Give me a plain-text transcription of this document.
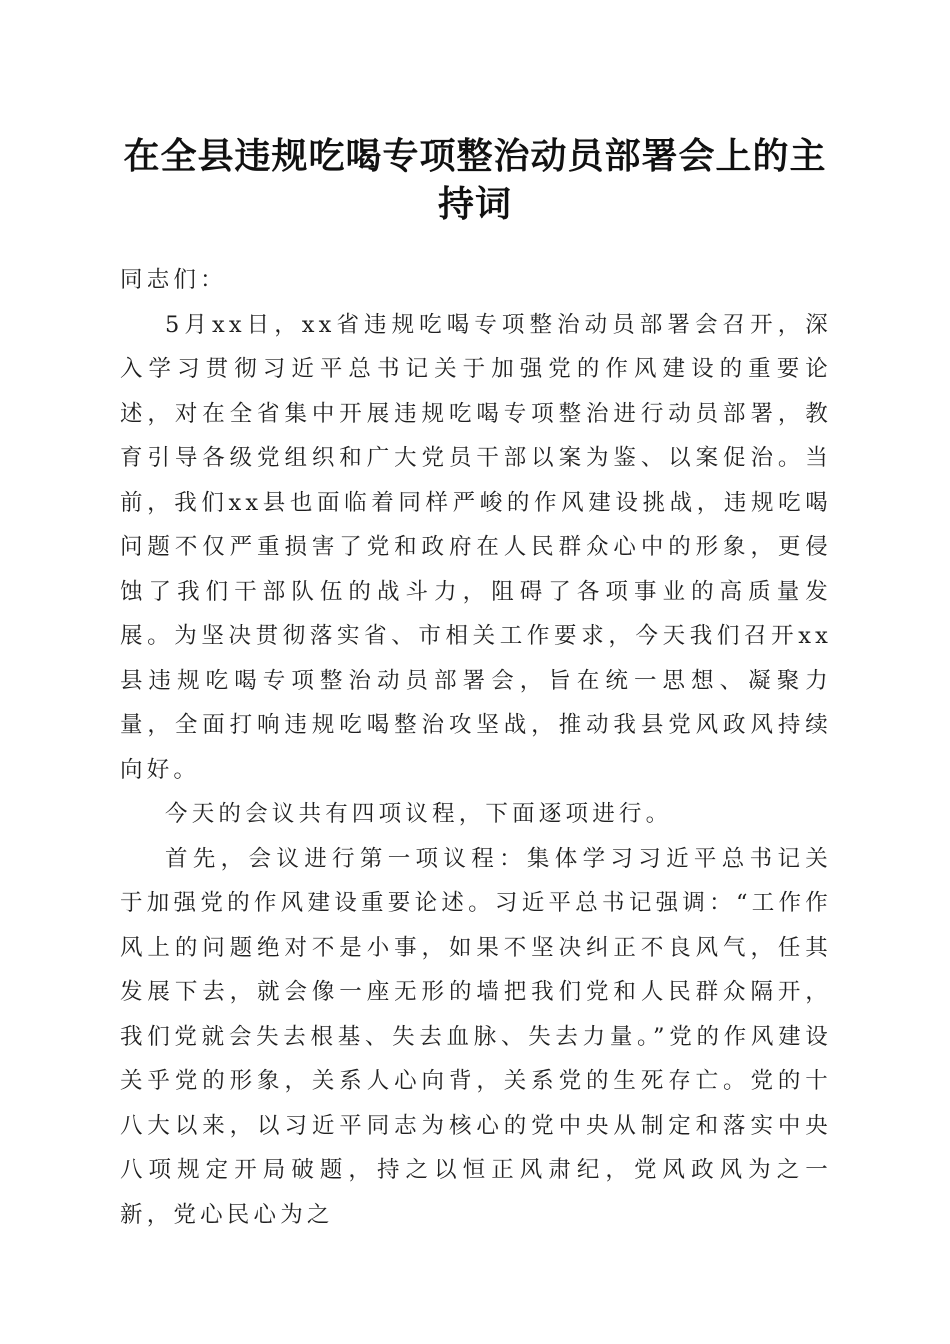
在全县违规吃喝专项整治动员部署会上的主持词

同志们：

5月xx日，xx省违规吃喝专项整治动员部署会召开，深入学习贯彻习近平总书记关于加强党的作风建设的重要论述，对在全省集中开展违规吃喝专项整治进行动员部署，教育引导各级党组织和广大党员干部以案为鉴、以案促治。当前，我们xx县也面临着同样严峻的作风建设挑战，违规吃喝问题不仅严重损害了党和政府在人民群众心中的形象，更侵蚀了我们干部队伍的战斗力，阻碍了各项事业的高质量发展。为坚决贯彻落实省、市相关工作要求，今天我们召开xx县违规吃喝专项整治动员部署会，旨在统一思想、凝聚力量，全面打响违规吃喝整治攻坚战，推动我县党风政风持续向好。

今天的会议共有四项议程，下面逐项进行。

首先，会议进行第一项议程：集体学习习近平总书记关于加强党的作风建设重要论述。习近平总书记强调：“工作作风上的问题绝对不是小事，如果不坚决纠正不良风气，任其发展下去，就会像一座无形的墙把我们党和人民群众隔开，我们党就会失去根基、失去血脉、失去力量。”党的作风建设关乎党的形象，关系人心向背，关系党的生死存亡。党的十八大以来，以习近平同志为核心的党中央从制定和落实中央八项规定开局破题，持之以恒正风肃纪，党风政风为之一新，党心民心为之
